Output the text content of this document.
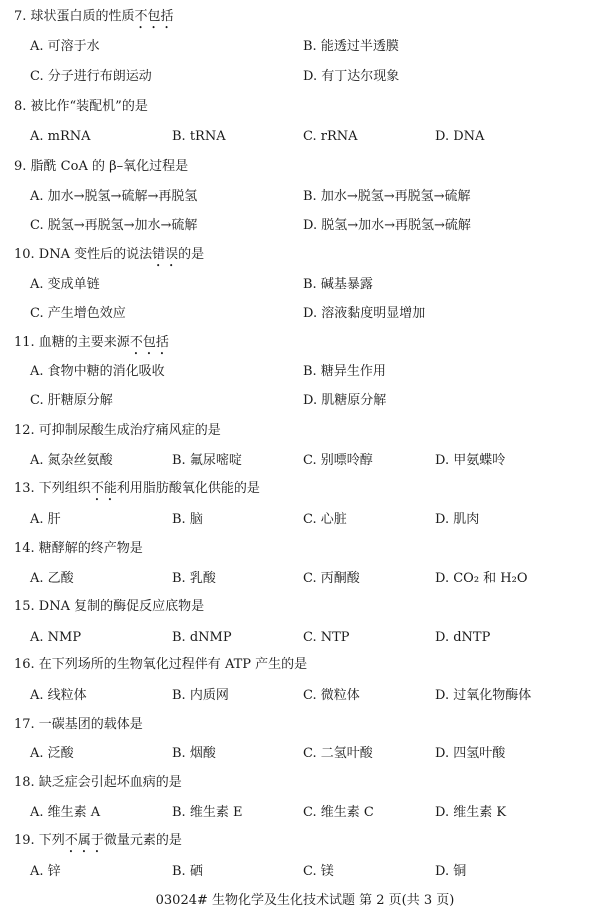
7. 球状蛋白质的性质不包括
A. 可溶于水	B. 能透过半透膜
C. 分子进行布朗运动	D. 有丁达尔现象
8. 被比作“装配机”的是
A. mRNA	B. tRNA	C. rRNA	D. DNA
9. 脂酰 CoA 的 β–氧化过程是
A. 加水→脱氢→硫解→再脱氢	B. 加水→脱氢→再脱氢→硫解
C. 脱氢→再脱氢→加水→硫解	D. 脱氢→加水→再脱氢→硫解
10. DNA 变性后的说法错误的是
A. 变成单链	B. 碱基暴露
C. 产生增色效应	D. 溶液黏度明显增加
11. 血糖的主要来源不包括
A. 食物中糖的消化吸收	B. 糖异生作用
C. 肝糖原分解	D. 肌糖原分解
12. 可抑制尿酸生成治疗痛风症的是
A. 氮杂丝氨酸	B. 氟尿嘧啶	C. 别嘌呤醇	D. 甲氨蝶呤
13. 下列组织不能利用脂肪酸氧化供能的是
A. 肝	B. 脑	C. 心脏	D. 肌肉
14. 糖酵解的终产物是
A. 乙酸	B. 乳酸	C. 丙酮酸	D. CO₂ 和 H₂O
15. DNA 复制的酶促反应底物是
A. NMP	B. dNMP	C. NTP	D. dNTP
16. 在下列场所的生物氧化过程伴有 ATP 产生的是
A. 线粒体	B. 内质网	C. 微粒体	D. 过氧化物酶体
17. 一碳基团的载体是
A. 泛酸	B. 烟酸	C. 二氢叶酸	D. 四氢叶酸
18. 缺乏症会引起坏血病的是
A. 维生素 A	B. 维生素 E	C. 维生素 C	D. 维生素 K
19. 下列不属于微量元素的是
A. 锌	B. 硒	C. 镁	D. 铜
03024# 生物化学及生化技术试题 第 2 页(共 3 页)
